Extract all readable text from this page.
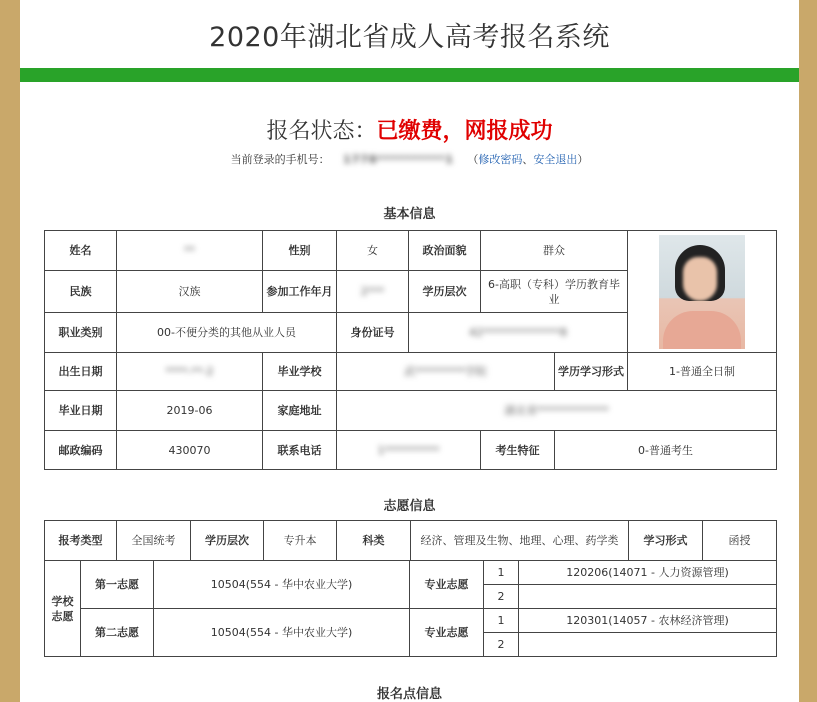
2020年湖北省成人高考报名系统
报名状态：已缴费，网报成功
当前登录的手机号： 1778**********1 （修改密码、安全退出）
基本信息
姓名	**	性别	女	政治面貌	群众		

民族	汉族	参加工作年月	2***	学历层次	6-高职（专科）学历教育毕业		
职业类别	00-不便分类的其他从业人员		身份证号	42**************8			
出生日期	****-**-2	毕业学校	武*********学院			学历学习形式	1-普通全日制
毕业日期	2019-06	家庭地址	湖北省*************				
邮政编码	430070	联系电话	1**********		考生特征	0-普通考生	
志愿信息
报考类型	全国统考	学历层次	专升本	科类	经济、管理及生物、地理、心理、药学类	学习形式	函授
学校志愿	第一志愿	10504(554 - 华中农业大学)	专业志愿	1	120206(14071 - 人力资源管理)
				2	
	第二志愿	10504(554 - 华中农业大学)	专业志愿	1	120301(14057 - 农林经济管理)
				2	
报名点信息
